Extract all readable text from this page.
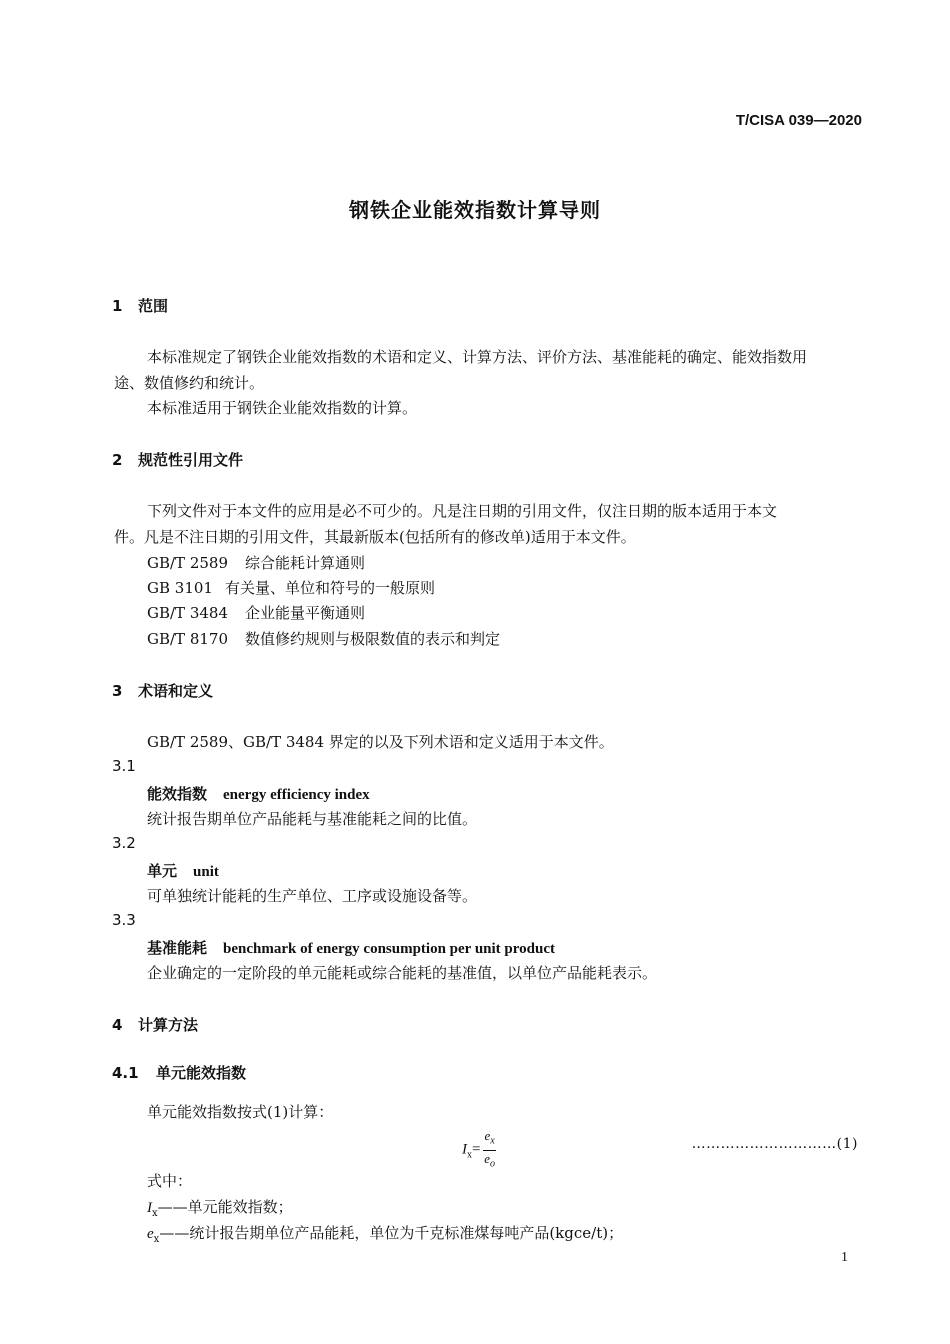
T/CISA 039—2020
钢铁企业能效指数计算导则
1 范围
本标准规定了钢铁企业能效指数的术语和定义、计算方法、评价方法、基准能耗的确定、能效指数用
途、数值修约和统计。
本标准适用于钢铁企业能效指数的计算。
2 规范性引用文件
下列文件对于本文件的应用是必不可少的。凡是注日期的引用文件，仅注日期的版本适用于本文
件。凡是不注日期的引用文件，其最新版本(包括所有的修改单)适用于本文件。
GB/T 2589 综合能耗计算通则
GB 3101 有关量、单位和符号的一般原则
GB/T 3484 企业能量平衡通则
GB/T 8170 数值修约规则与极限数值的表示和判定
3 术语和定义
GB/T 2589、GB/T 3484 界定的以及下列术语和定义适用于本文件。
3.1
能效指数 energy efficiency index
统计报告期单位产品能耗与基准能耗之间的比值。
3.2
单元 unit
可单独统计能耗的生产单位、工序或设施设备等。
3.3
基准能耗 benchmark of energy consumption per unit product
企业确定的一定阶段的单元能耗或综合能耗的基准值，以单位产品能耗表示。
4 计算方法
4.1 单元能效指数
单元能效指数按式(1)计算：
$I_x= \frac{e_x}{e_o}$	…………………………(1)
式中：
$I_x——$单元能效指数；
$e_x——$统计报告期单位产品能耗，单位为千克标准煤每吨产品(kgce/t)；
1
